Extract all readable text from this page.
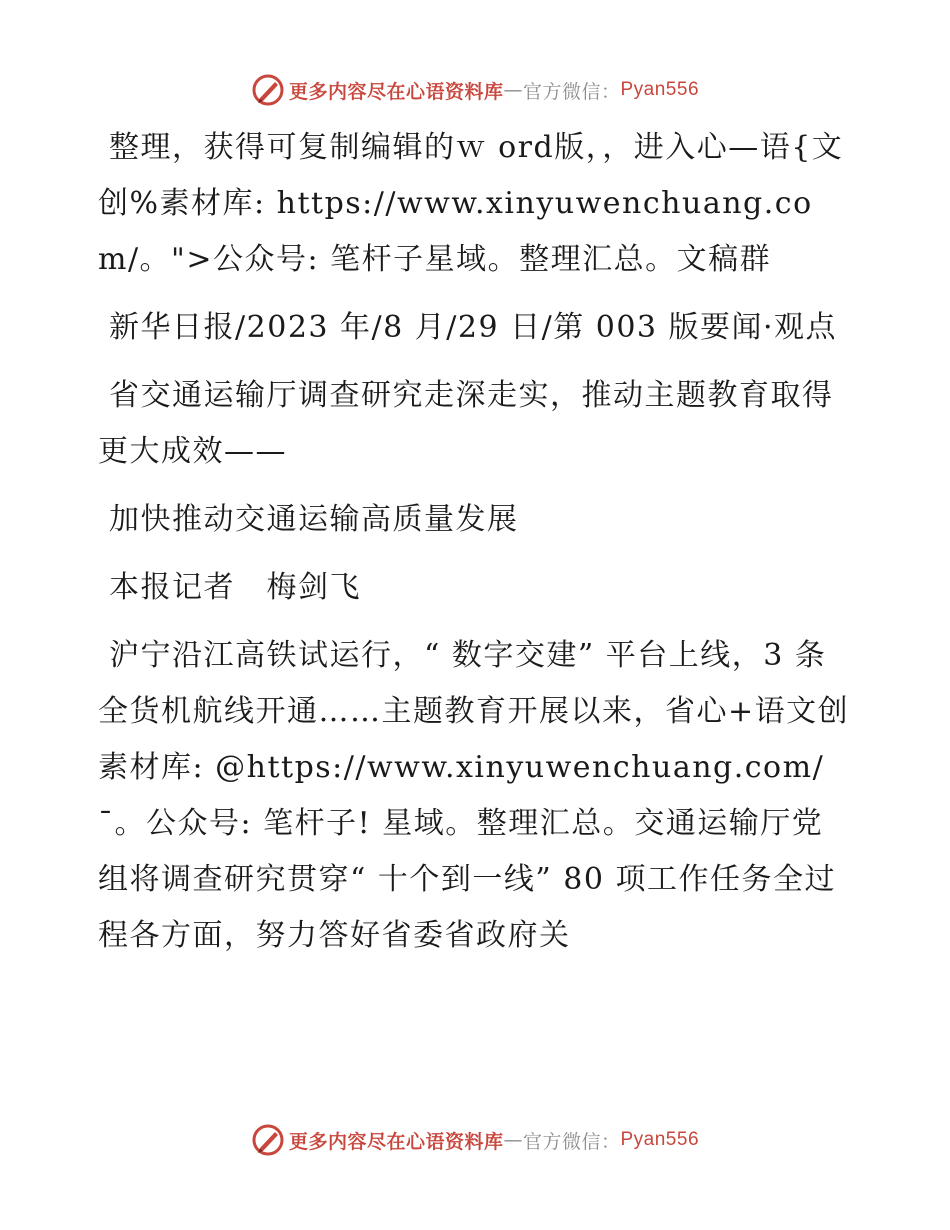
更多内容尽在心语资料库 — 官方微信： Pyan556

整理，获得可复制编辑的ｗ ord版，，进入心—语{文创%素材库: https://www.xinyuwenchuang.com/。">公众号: 笔杆子星域。整理汇总。文稿群

新华日报/2023 年/8 月/29 日/第 003 版要闻·观点

省交通运输厅调查研究走深走实，推动主题教育取得更大成效——

加快推动交通运输高质量发展

本报记者　梅剑飞

沪宁沿江高铁试运行，“ 数字交建” 平台上线，3 条全货机航线开通……主题教育开展以来，省心+语文创素材库: @https://www.xinyuwenchuang.com/¯。公众号: 笔杆子! 星域。整理汇总。交通运输厅党组将调查研究贯穿“ 十个到一线” 80 项工作任务全过程各方面，努力答好省委省政府关

更多内容尽在心语资料库 — 官方微信： Pyan556
